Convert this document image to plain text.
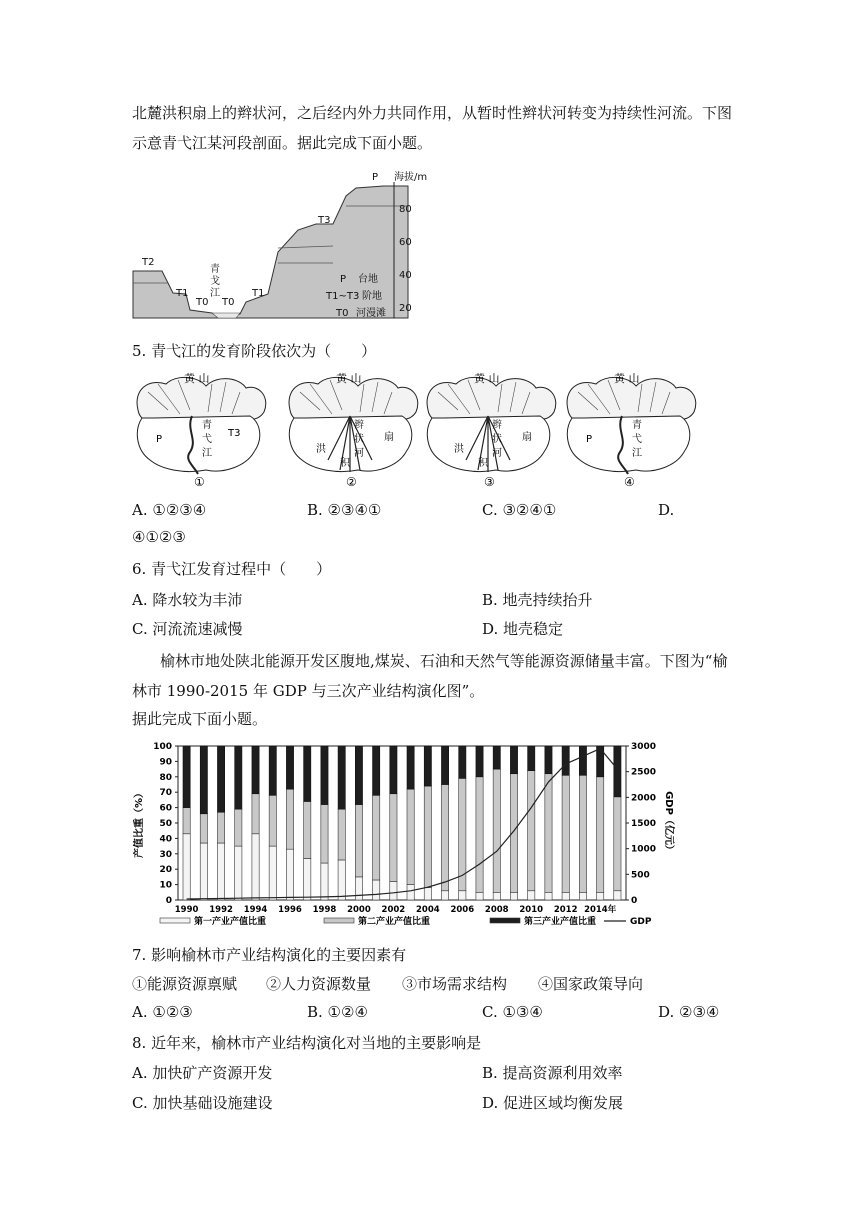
北麓洪积扇上的辫状河，之后经内外力共同作用，从暂时性辫状河转变为持续性河流。下图
示意青弋江某河段剖面。据此完成下面小题。
P 海拔/m
T3
T2
T1	T1
T0 T0
青
戈
江
80
60
40
20
P 台地
T1~T3 阶地
T0 河漫滩
5. 青弋江的发育阶段依次为（　　）
黄 山
青
弋
江
P
T3
①
黄 山
辫
状
河
洪
积
扇
②
黄 山
辫
状
河
洪
积
扇
③
黄 山
青
弋
江
P
④
A. ①②③④	B. ②③④①	C. ③②④①	D.
④①②③
6. 青弋江发育过程中（　　）
A. 降水较为丰沛	B. 地壳持续抬升
C. 河流流速减慢	D. 地壳稳定
榆林市地处陕北能源开发区腹地,煤炭、石油和天然气等能源资源储量丰富。下图为“榆
林市 1990-2015 年 GDP 与三次产业结构演化图”。
据此完成下面小题。
0
10
20
30
40
50
60
70
80
90
100
0
500
1000
1500
2000
2500
3000
产值比重（%）	GDP（亿元）
1990 1992 1994 1996 1998 2000 2002 2004 2006 2008 2010 2012 2014年
第一产业产值比重	第二产业产值比重	第三产业产值比重	GDP
7. 影响榆林市产业结构演化的主要因素有
①能源资源禀赋 ②人力资源数量 ③市场需求结构 ④国家政策导向
A. ①②③	B. ①②④	C. ①③④	D. ②③④
8. 近年来，榆林市产业结构演化对当地的主要影响是
A. 加快矿产资源开发	B. 提高资源利用效率
C. 加快基础设施建设	D. 促进区域均衡发展
